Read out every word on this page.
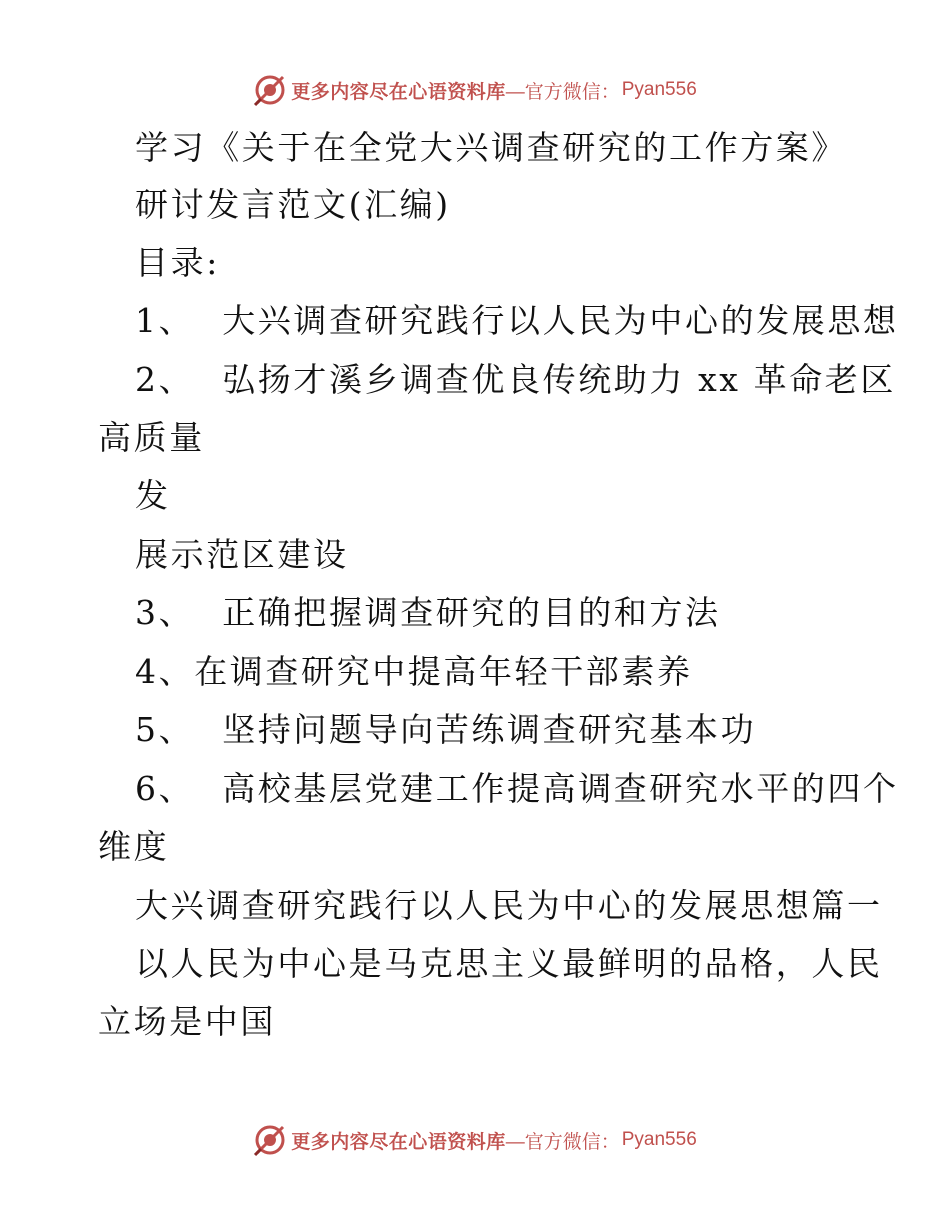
更多内容尽在心语资料库 —官方微信： Pyan556
学习《关于在全党大兴调查研究的工作方案》
研讨发言范文(汇编)
目录:
1、 大兴调查研究践行以人民为中心的发展思想
2、 弘扬才溪乡调查优良传统助力 xx 革命老区
高质量
发
展示范区建设
3、 正确把握调查研究的目的和方法
4、在调查研究中提高年轻干部素养
5、 坚持问题导向苦练调查研究基本功
6、 高校基层党建工作提高调查研究水平的四个
维度
大兴调查研究践行以人民为中心的发展思想篇一
以人民为中心是马克思主义最鲜明的品格，人民
立场是中国
更多内容尽在心语资料库 —官方微信： Pyan556
